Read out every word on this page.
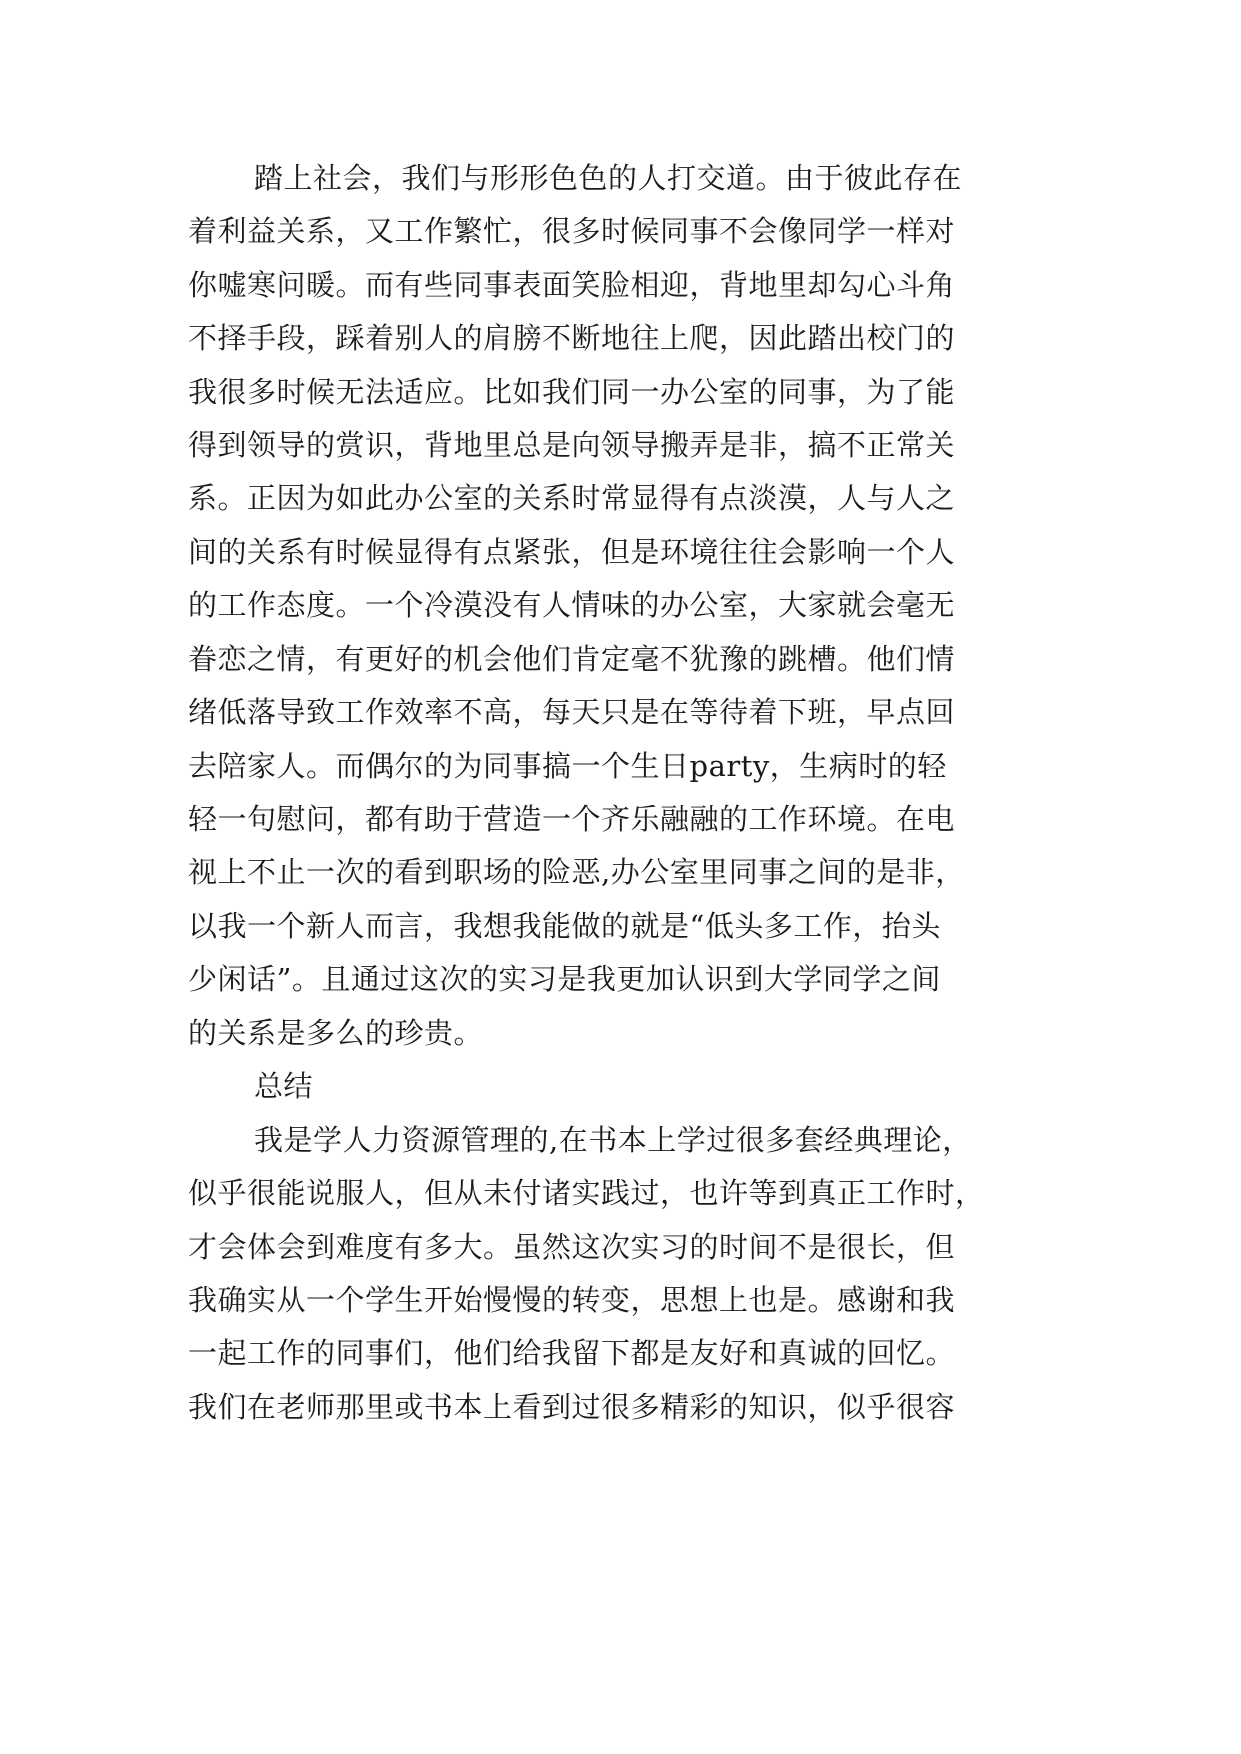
踏上社会，我们与形形色色的人打交道。由于彼此存在
着利益关系，又工作繁忙，很多时候同事不会像同学一样对
你嘘寒问暖。而有些同事表面笑脸相迎，背地里却勾心斗角
不择手段，踩着别人的肩膀不断地往上爬，因此踏出校门的
我很多时候无法适应。比如我们同一办公室的同事，为了能
得到领导的赏识，背地里总是向领导搬弄是非，搞不正常关
系。正因为如此办公室的关系时常显得有点淡漠，人与人之
间的关系有时候显得有点紧张，但是环境往往会影响一个人
的工作态度。一个冷漠没有人情味的办公室，大家就会毫无
眷恋之情，有更好的机会他们肯定毫不犹豫的跳槽。他们情
绪低落导致工作效率不高，每天只是在等待着下班，早点回
去陪家人。而偶尔的为同事搞一个生日party，生病时的轻
轻一句慰问，都有助于营造一个齐乐融融的工作环境。在电
视上不止一次的看到职场的险恶,办公室里同事之间的是非，
以我一个新人而言，我想我能做的就是“低头多工作，抬头
少闲话”。且通过这次的实习是我更加认识到大学同学之间
的关系是多么的珍贵。
总结
我是学人力资源管理的,在书本上学过很多套经典理论，
似乎很能说服人，但从未付诸实践过，也许等到真正工作时，
才会体会到难度有多大。虽然这次实习的时间不是很长，但
我确实从一个学生开始慢慢的转变，思想上也是。感谢和我
一起工作的同事们，他们给我留下都是友好和真诚的回忆。
我们在老师那里或书本上看到过很多精彩的知识，似乎很容
